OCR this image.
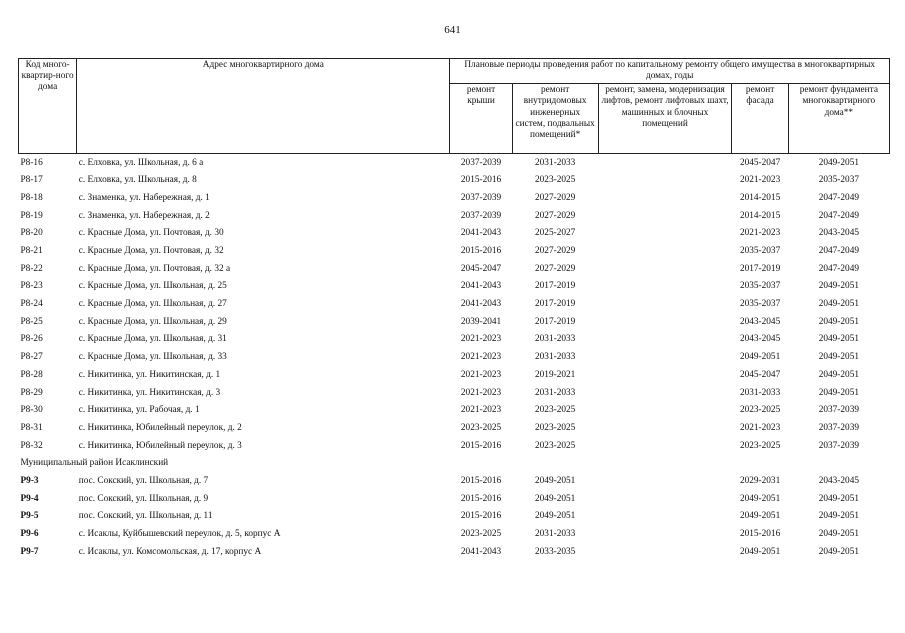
641
Код много-квартир-ного дома	Адрес многоквартирного дома	Плановые периоды проведения работ по капитальному ремонту общего имущества в многоквартирных домах, годы				
		ремонт крыши	ремонт внутридомовых инженерных систем, подвальных помещений*	ремонт, замена, модернизация лифтов, ремонт лифтовых шахт, машинных и блочных помещений	ремонт фасада	ремонт фундамента многоквартирного дома**
Р8-16	с. Елховка, ул. Школьная, д. 6 а	2037-2039	2031-2033		2045-2047	2049-2051
Р8-17	с. Елховка, ул. Школьная, д. 8	2015-2016	2023-2025		2021-2023	2035-2037
Р8-18	с. Знаменка, ул. Набережная, д. 1	2037-2039	2027-2029		2014-2015	2047-2049
Р8-19	с. Знаменка, ул. Набережная, д. 2	2037-2039	2027-2029		2014-2015	2047-2049
Р8-20	с. Красные Дома, ул. Почтовая, д. 30	2041-2043	2025-2027		2021-2023	2043-2045
Р8-21	с. Красные Дома, ул. Почтовая, д. 32	2015-2016	2027-2029		2035-2037	2047-2049
Р8-22	с. Красные Дома, ул. Почтовая, д. 32 а	2045-2047	2027-2029		2017-2019	2047-2049
Р8-23	с. Красные Дома, ул. Школьная, д. 25	2041-2043	2017-2019		2035-2037	2049-2051
Р8-24	с. Красные Дома, ул. Школьная, д. 27	2041-2043	2017-2019		2035-2037	2049-2051
Р8-25	с. Красные Дома, ул. Школьная, д. 29	2039-2041	2017-2019		2043-2045	2049-2051
Р8-26	с. Красные Дома, ул. Школьная, д. 31	2021-2023	2031-2033		2043-2045	2049-2051
Р8-27	с. Красные Дома, ул. Школьная, д. 33	2021-2023	2031-2033		2049-2051	2049-2051
Р8-28	с. Никитинка, ул. Никитинская, д. 1	2021-2023	2019-2021		2045-2047	2049-2051
Р8-29	с. Никитинка, ул. Никитинская, д. 3	2021-2023	2031-2033		2031-2033	2049-2051
Р8-30	с. Никитинка, ул. Рабочая, д. 1	2021-2023	2023-2025		2023-2025	2037-2039
Р8-31	с. Никитинка, Юбилейный переулок, д. 2	2023-2025	2023-2025		2021-2023	2037-2039
Р8-32	с. Никитинка, Юбилейный переулок, д. 3	2015-2016	2023-2025		2023-2025	2037-2039
Муниципальный район Исаклинский						
Р9-3	пос. Сокский, ул. Школьная, д. 7	2015-2016	2049-2051		2029-2031	2043-2045
Р9-4	пос. Сокский, ул. Школьная, д. 9	2015-2016	2049-2051		2049-2051	2049-2051
Р9-5	пос. Сокский, ул. Школьная, д. 11	2015-2016	2049-2051		2049-2051	2049-2051
Р9-6	с. Исаклы, Куйбышевский переулок, д. 5, корпус А	2023-2025	2031-2033		2015-2016	2049-2051
Р9-7	с. Исаклы, ул. Комсомольская, д. 17, корпус А	2041-2043	2033-2035		2049-2051	2049-2051
